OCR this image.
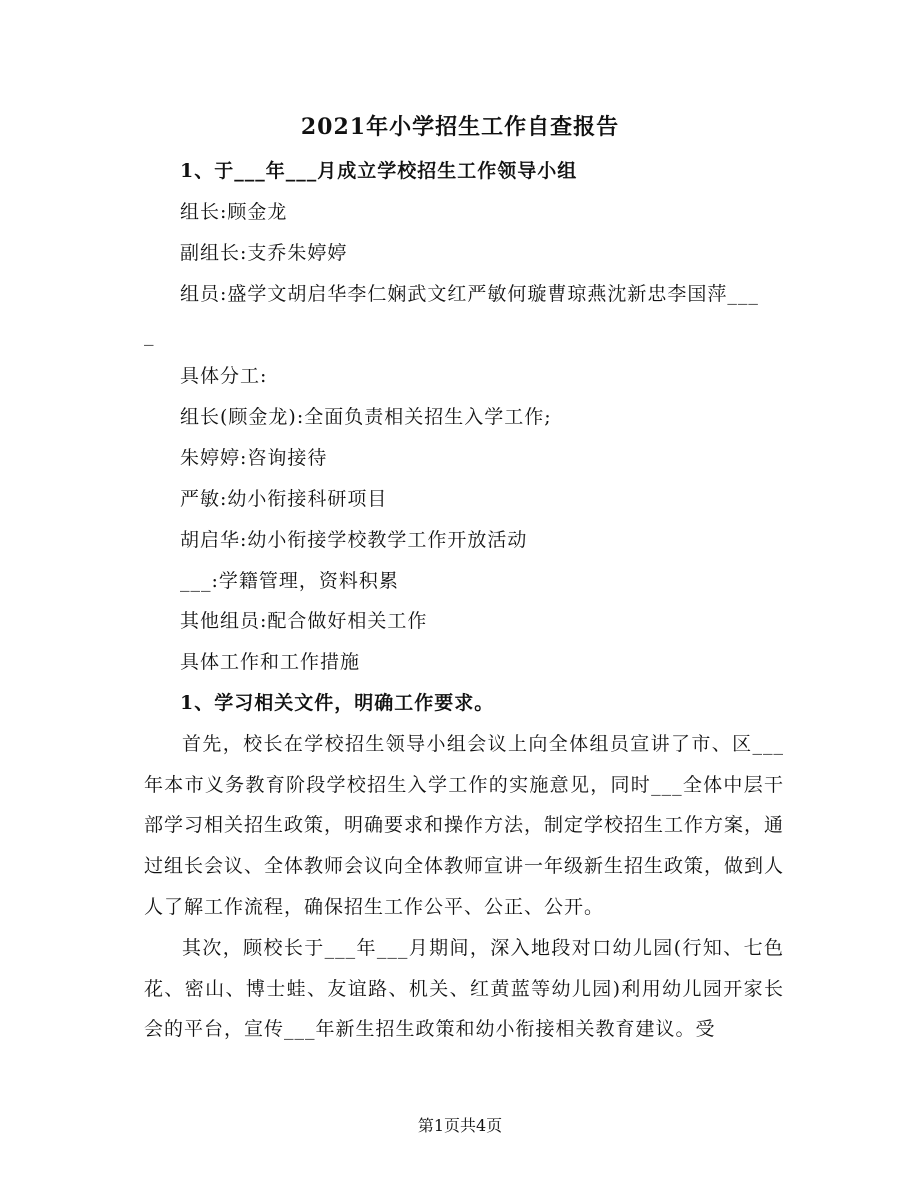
2021年小学招生工作自查报告
1、于___年___月成立学校招生工作领导小组
组长:顾金龙
副组长:支乔朱婷婷
组员:盛学文胡启华李仁娴武文红严敏何璇曹琼燕沈新忠李国萍___
_
具体分工:
组长(顾金龙):全面负责相关招生入学工作;
朱婷婷:咨询接待
严敏:幼小衔接科研项目
胡启华:幼小衔接学校教学工作开放活动
___:学籍管理，资料积累
其他组员:配合做好相关工作
具体工作和工作措施
1、学习相关文件，明确工作要求。
首先，校长在学校招生领导小组会议上向全体组员宣讲了市、区___年本市义务教育阶段学校招生入学工作的实施意见，同时___全体中层干部学习相关招生政策，明确要求和操作方法，制定学校招生工作方案，通过组长会议、全体教师会议向全体教师宣讲一年级新生招生政策，做到人人了解工作流程，确保招生工作公平、公正、公开。
其次，顾校长于___年___月期间，深入地段对口幼儿园(行知、七色花、密山、博士蛙、友谊路、机关、红黄蓝等幼儿园)利用幼儿园开家长会的平台，宣传___年新生招生政策和幼小衔接相关教育建议。受
第1页共4页
